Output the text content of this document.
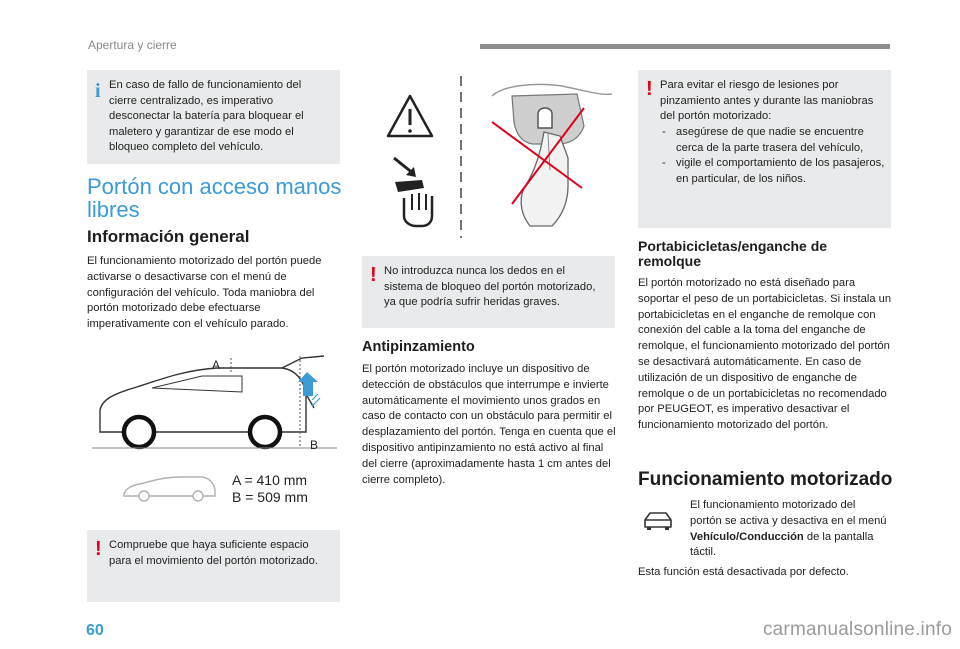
Apertura y cierre
i En caso de fallo de funcionamiento del cierre centralizado, es imperativo desconectar la batería para bloquear el maletero y garantizar de ese modo el bloqueo completo del vehículo.

Portón con acceso manos libres
Información general

El funcionamiento motorizado del portón puede activarse o desactivarse con el menú de configuración del vehículo. Toda maniobra del portón motorizado debe efectuarse imperativamente con el vehículo parado.

A
B
A = 410 mm
B = 509 mm
! Compruebe que haya suficiente espacio para el movimiento del portón motorizado.

! No introduzca nunca los dedos en el sistema de bloqueo del portón motorizado, ya que podría sufrir heridas graves.

Antipinzamiento

El portón motorizado incluye un dispositivo de detección de obstáculos que interrumpe e invierte automáticamente el movimiento unos grados en caso de contacto con un obstáculo para permitir el desplazamiento del portón. Tenga en cuenta que el dispositivo antipinzamiento no está activo al final del cierre (aproximadamente hasta 1 cm antes del cierre completo).

! Para evitar el riesgo de lesiones por pinzamiento antes y durante las maniobras del portón motorizado:

- asegúrese de que nadie se encuentre cerca de la parte trasera del vehículo,
- vigile el comportamiento de los pasajeros, en particular, de los niños.
Portabicicletas/enganche de remolque

El portón motorizado no está diseñado para soportar el peso de un portabicicletas. Si instala un portabicicletas en el enganche de remolque con conexión del cable a la toma del enganche de remolque, el funcionamiento motorizado del portón se desactivará automáticamente. En caso de utilización de un dispositivo de enganche de remolque o de un portabicicletas no recomendado por PEUGEOT, es imperativo desactivar el funcionamiento motorizado del portón.

Funcionamiento motorizado

El funcionamiento motorizado del portón se activa y desactiva en el menú Vehículo/Conducción de la pantalla táctil.

Esta función está desactivada por defecto.

60	carmanualsonline.info
